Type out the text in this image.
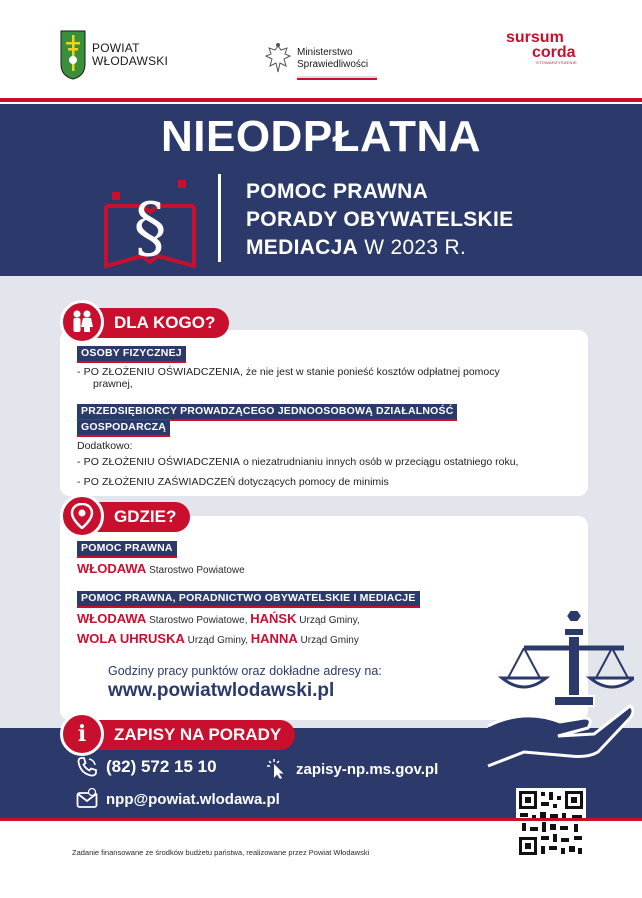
POWIAT
WŁODAWSKI
Ministerstwo
Sprawiedliwości
sursum
corda
STOWARZYSZENIE
NIEODPŁATNA
§	POMOC PRAWNA
PORADY OBYWATELSKIE
MEDIACJA W 2023 R.
DLA KOGO?
OSOBY FIZYCZNEJ
- PO ZŁOŻENIU OŚWIADCZENIA, że nie jest w stanie ponieść kosztów odpłatnej pomocy
prawnej,
PRZEDSIĘBIORCY PROWADZĄCEGO JEDNOOSOBOWĄ DZIAŁALNOŚĆ
GOSPODARCZĄ
Dodatkowo:
- PO ZŁOŻENIU OŚWIADCZENIA o niezatrudnianiu innych osób w przeciągu ostatniego roku,
- PO ZŁOŻENIU ZAŚWIADCZEŃ dotyczących pomocy de minimis
GDZIE?
POMOC PRAWNA
WŁODAWA Starostwo Powiatowe
POMOC PRAWNA, PORADNICTWO OBYWATELSKIE I MEDIACJE
WŁODAWA Starostwo Powiatowe, HAŃSK Urząd Gminy,
WOLA UHRUSKA Urząd Gminy, HANNA Urząd Gminy
Godziny pracy punktów oraz dokładne adresy na:
www.powiatwlodawski.pl
i ZAPISY NA PORADY
(82) 572 15 10	zapisy-np.ms.gov.pl
npp@powiat.wlodawa.pl
Zadanie finansowane ze środków budżetu państwa, realizowane przez Powiat Włodawski
